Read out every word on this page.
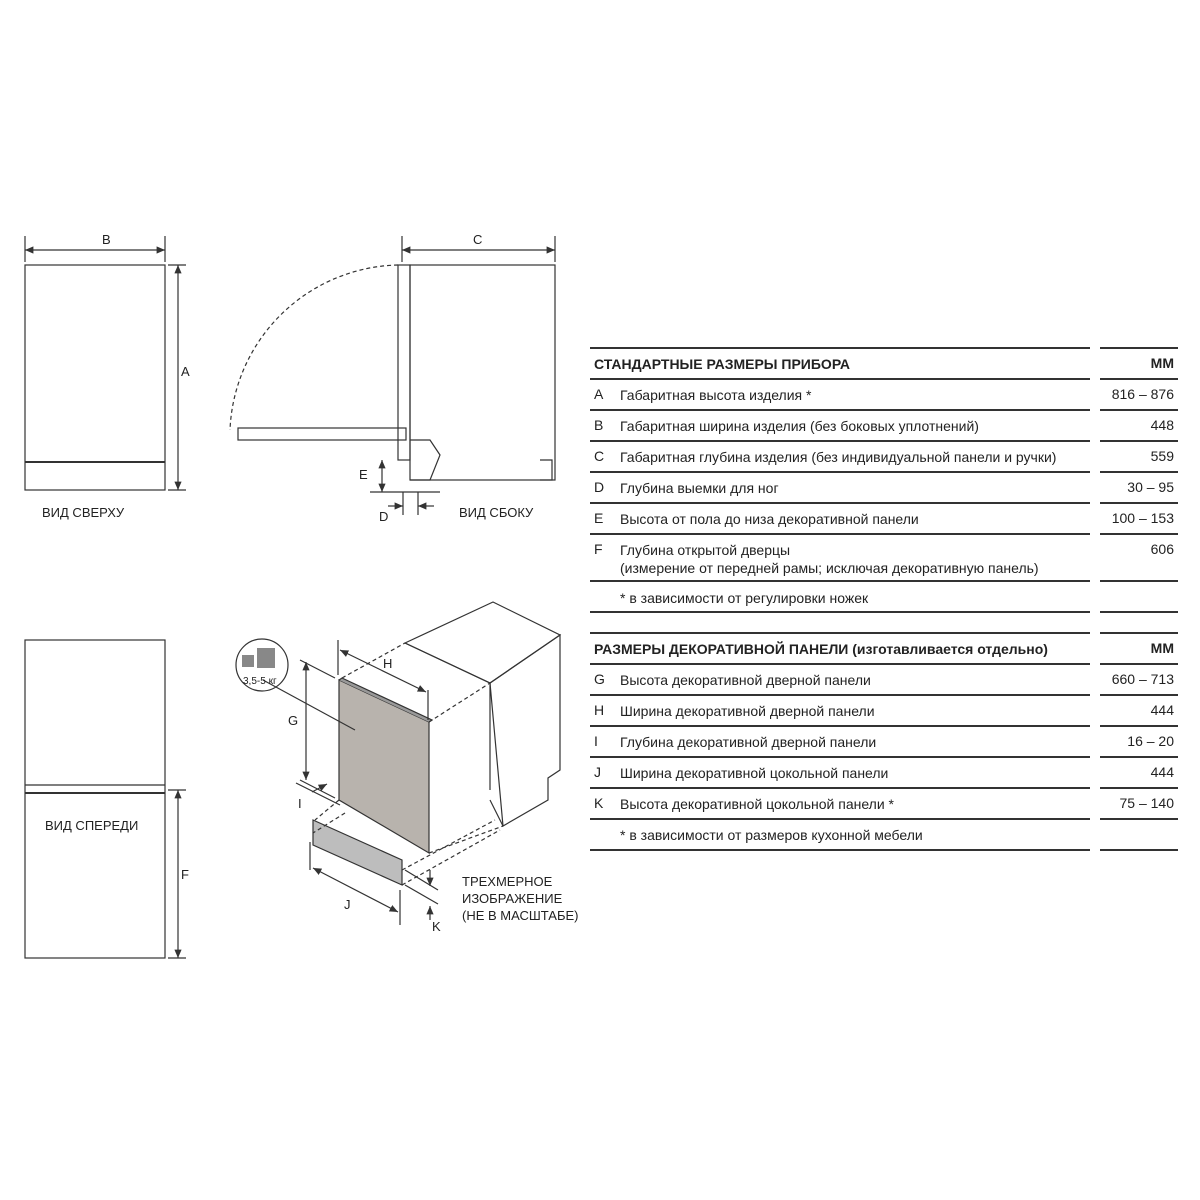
B
A
ВИД СВЕРХУ
C
E
D	ВИД СБОКУ
ВИД СПЕРЕДИ
F
G
H
I
J
K
ТРЕХМЕРНОЕ
ИЗОБРАЖЕНИЕ
(НЕ В МАСШТАБЕ)
3,5-5 кг
СТАНДАРТНЫЕ РАЗМЕРЫ ПРИБОРА	ММ
A Габаритная высота изделия *	816 – 876
B Габаритная ширина изделия (без боковых уплотнений)	448
C Габаритная глубина изделия (без индивидуальной панели и ручки)	559
D Глубина выемки для ног	30 – 95
E Высота от пола до низа декоративной панели	100 – 153
F Глубина открытой дверцы	606
(измерение от передней рамы; исключая декоративную панель)
* в зависимости от регулировки ножек
РАЗМЕРЫ ДЕКОРАТИВНОЙ ПАНЕЛИ (изготавливается отдельно)	ММ
G Высота декоративной дверной панели	660 – 713
H Ширина декоративной дверной панели	444
I Глубина декоративной дверной панели	16 – 20
J Ширина декоративной цокольной панели	444
K Высота декоративной цокольной панели *	75 – 140
* в зависимости от размеров кухонной мебели
